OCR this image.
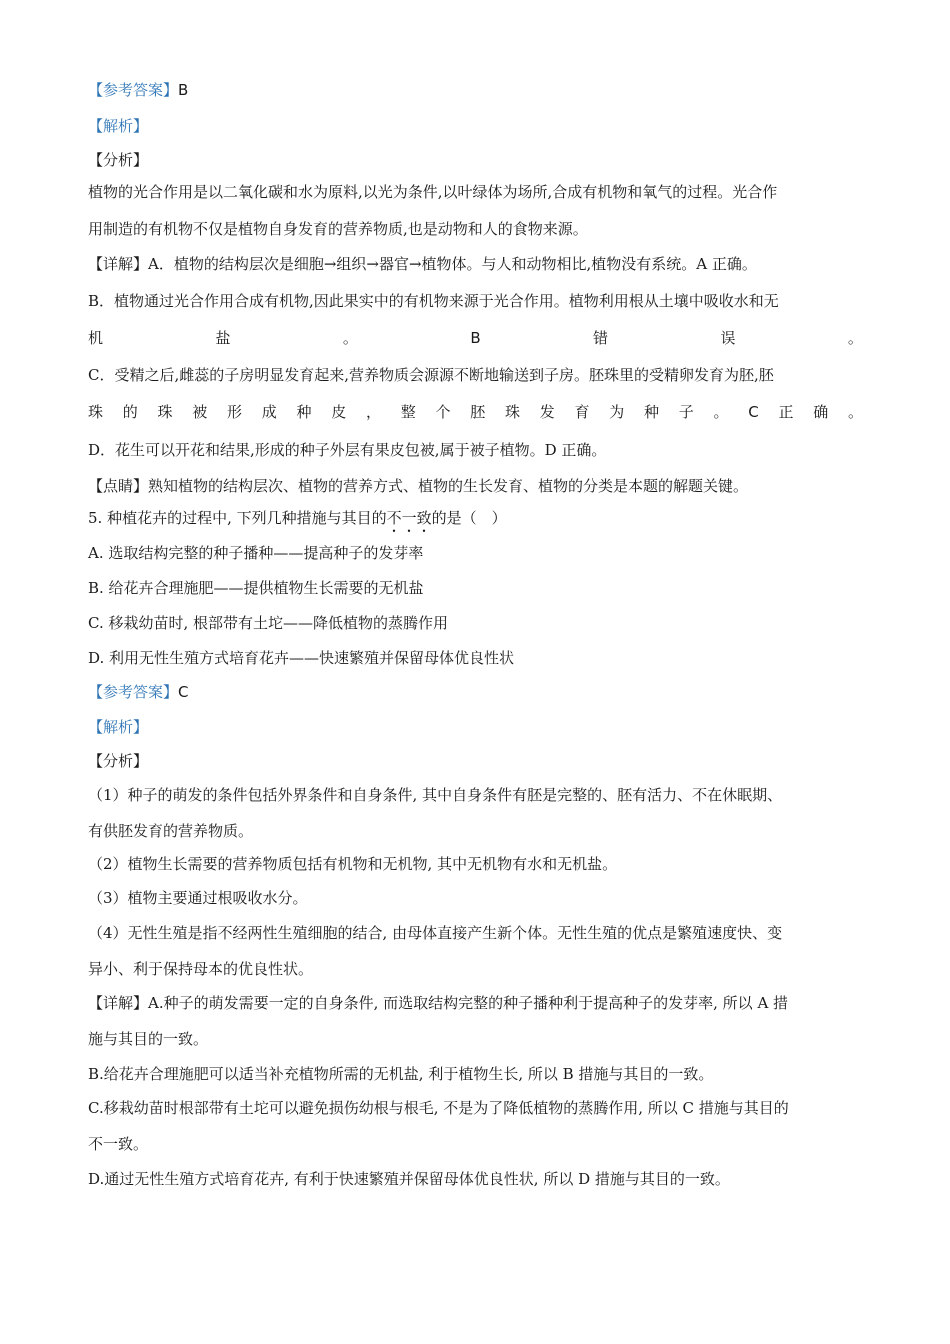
【参考答案】B
【解析】
【分析】
植物的光合作用是以二氧化碳和水为原料,以光为条件,以叶绿体为场所,合成有机物和氧气的过程。光合作
用制造的有机物不仅是植物自身发育的营养物质,也是动物和人的食物来源。
【详解】A．植物的结构层次是细胞→组织→器官→植物体。与人和动物相比,植物没有系统。A 正确。
B．植物通过光合作用合成有机物,因此果实中的有机物来源于光合作用。植物利用根从土壤中吸收水和无
机	盐	。	B	错	误	。
C．受精之后,雌蕊的子房明显发育起来,营养物质会源源不断地输送到子房。胚珠里的受精卵发育为胚,胚
珠 的 珠 被 形 成 种 皮 ， 整 个 胚 珠 发 育 为 种 子 。 C 正 确 。
D．花生可以开花和结果,形成的种子外层有果皮包被,属于被子植物。D 正确。
【点睛】熟知植物的结构层次、植物的营养方式、植物的生长发育、植物的分类是本题的解题关键。
5. 种植花卉的过程中, 下列几种措施与其目的不一致的是（　）
A. 选取结构完整的种子播种——提高种子的发芽率
B. 给花卉合理施肥——提供植物生长需要的无机盐
C. 移栽幼苗时, 根部带有土坨——降低植物的蒸腾作用
D. 利用无性生殖方式培育花卉——快速繁殖并保留母体优良性状
【参考答案】C
【解析】
【分析】
（1）种子的萌发的条件包括外界条件和自身条件, 其中自身条件有胚是完整的、胚有活力、不在休眠期、
有供胚发育的营养物质。
（2）植物生长需要的营养物质包括有机物和无机物, 其中无机物有水和无机盐。
（3）植物主要通过根吸收水分。
（4）无性生殖是指不经两性生殖细胞的结合, 由母体直接产生新个体。无性生殖的优点是繁殖速度快、变
异小、利于保持母本的优良性状。
【详解】A.种子的萌发需要一定的自身条件, 而选取结构完整的种子播种利于提高种子的发芽率, 所以 A 措
施与其目的一致。
B.给花卉合理施肥可以适当补充植物所需的无机盐, 利于植物生长, 所以 B 措施与其目的一致。
C.移栽幼苗时根部带有土坨可以避免损伤幼根与根毛, 不是为了降低植物的蒸腾作用, 所以 C 措施与其目的
不一致。
D.通过无性生殖方式培育花卉, 有利于快速繁殖并保留母体优良性状, 所以 D 措施与其目的一致。
